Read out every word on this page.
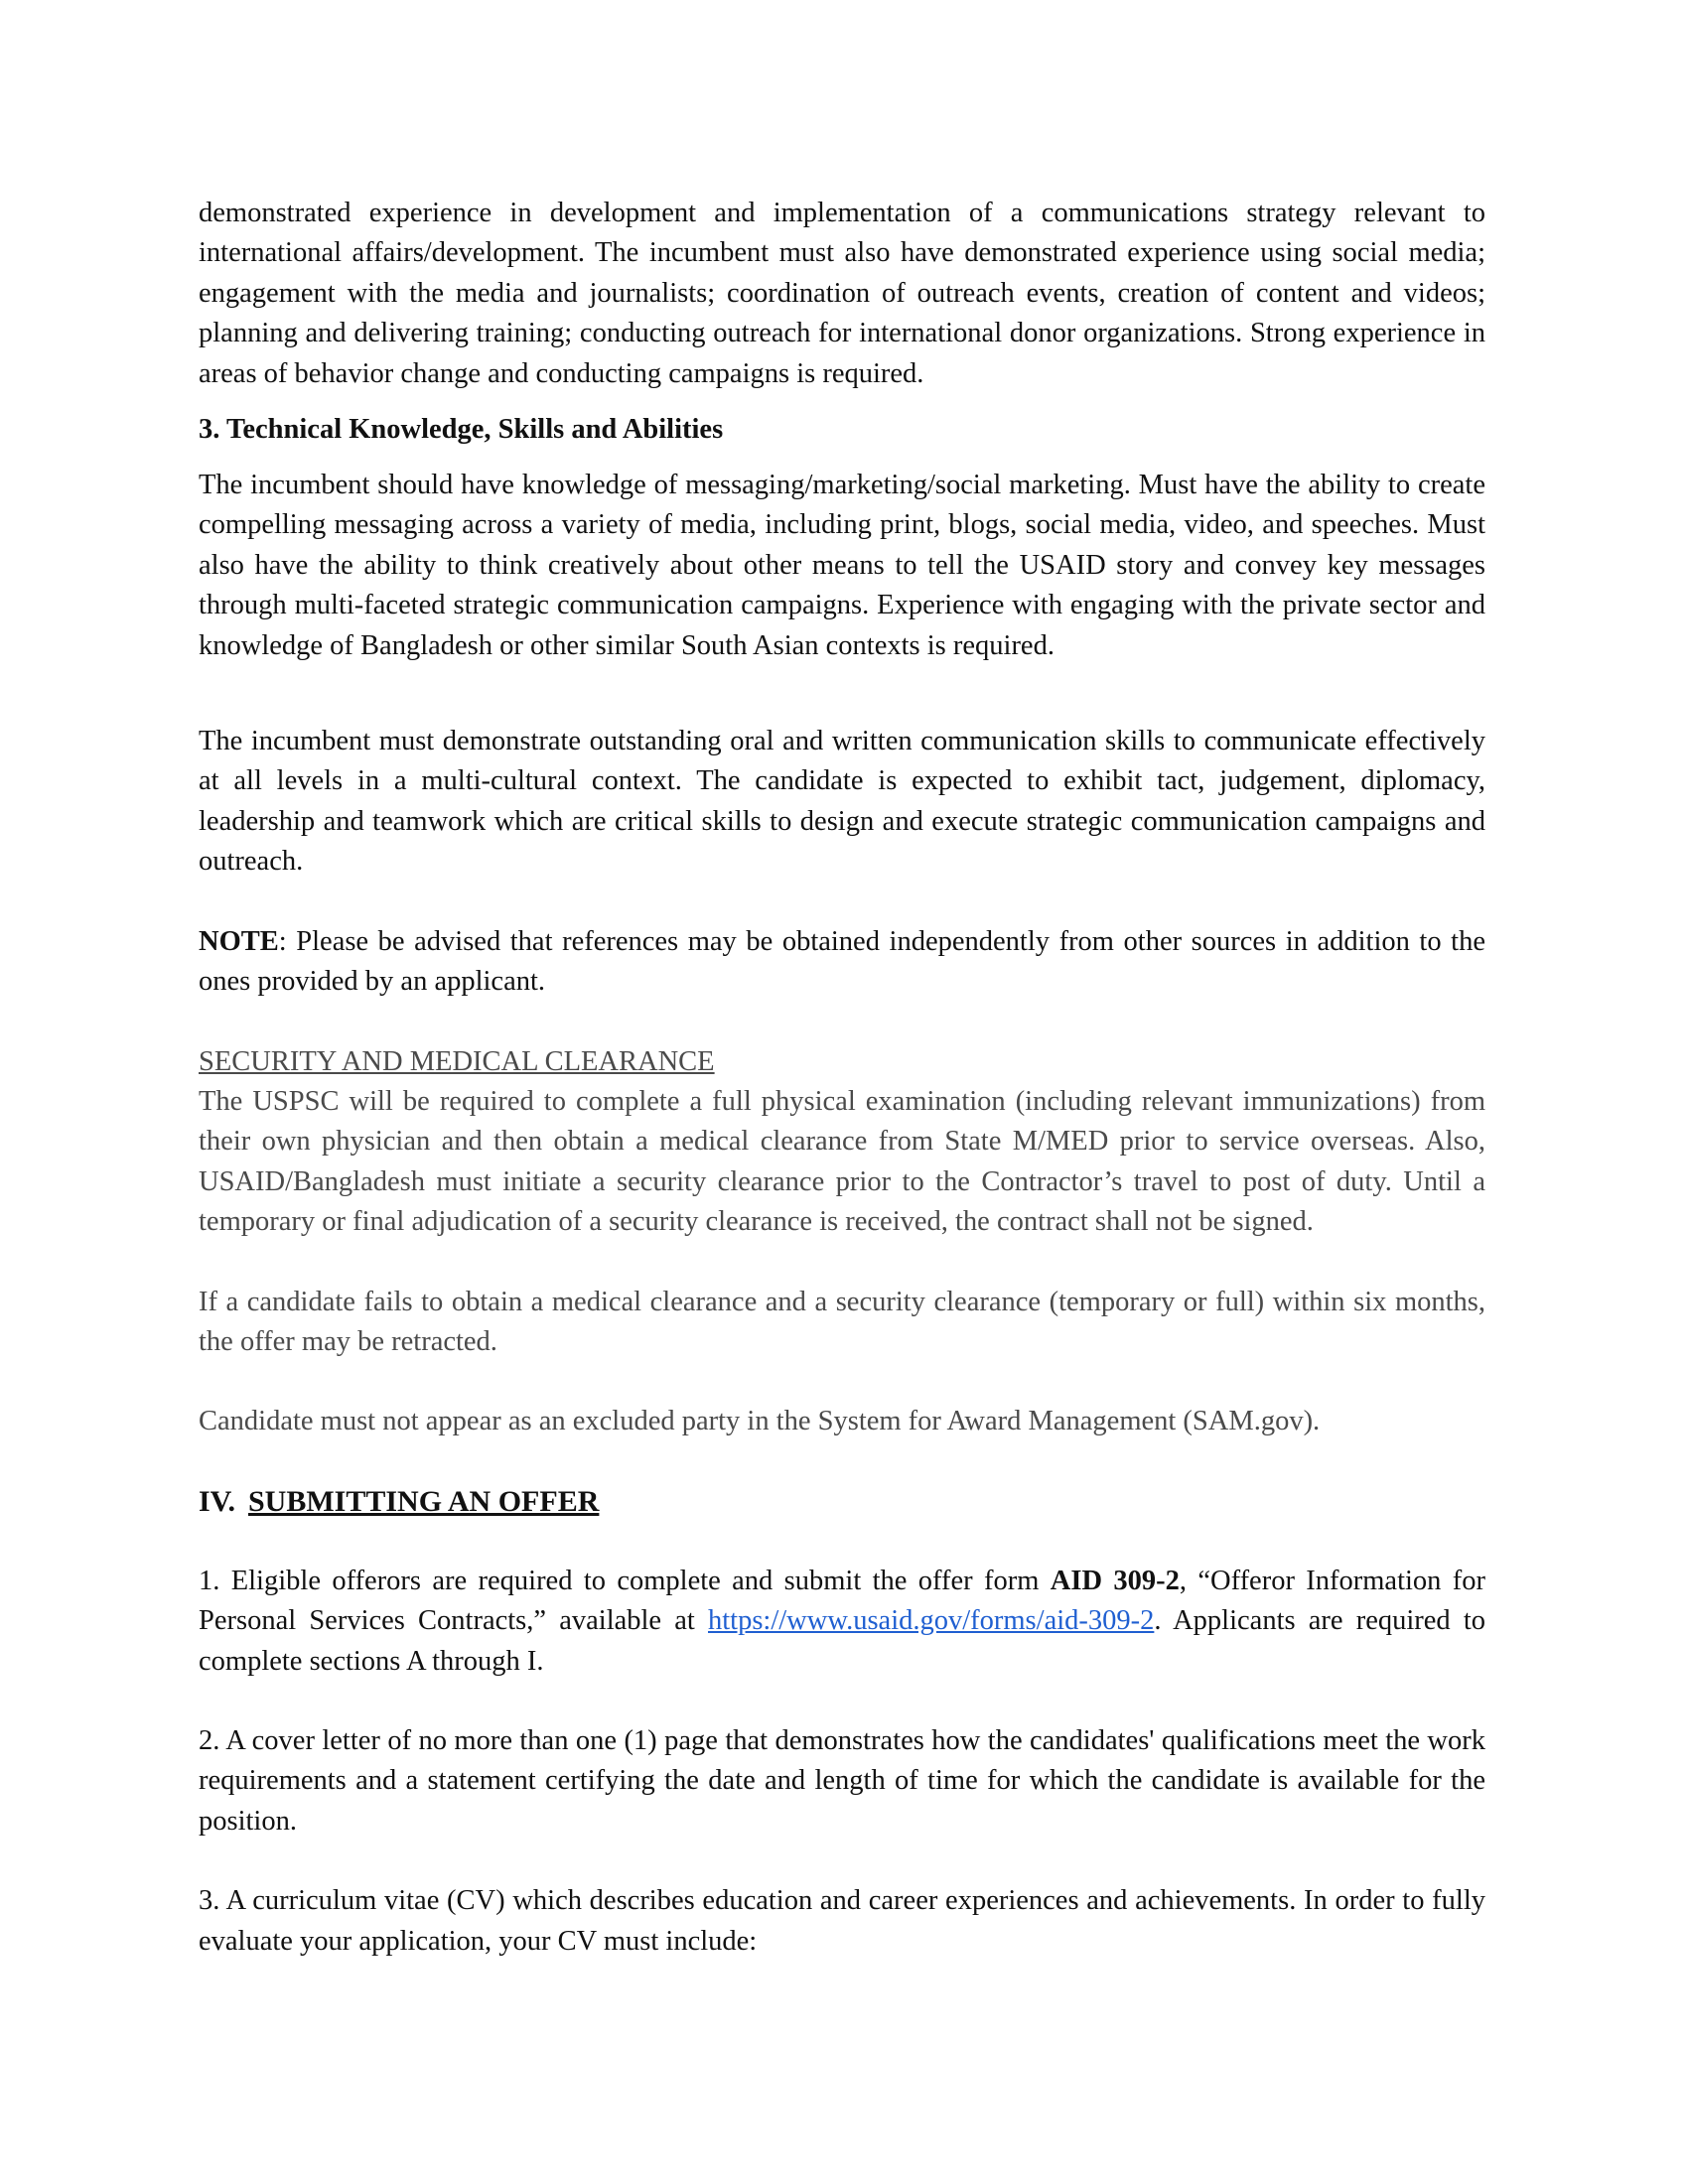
demonstrated experience in development and implementation of a communications strategy relevant to international affairs/development. The incumbent must also have demonstrated experience using social media; engagement with the media and journalists; coordination of outreach events, creation of content and videos; planning and delivering training; conducting outreach for international donor organizations. Strong experience in areas of behavior change and conducting campaigns is required.

3. Technical Knowledge, Skills and Abilities

The incumbent should have knowledge of messaging/marketing/social marketing. Must have the ability to create compelling messaging across a variety of media, including print, blogs, social media, video, and speeches. Must also have the ability to think creatively about other means to tell the USAID story and convey key messages through multi-faceted strategic communication campaigns. Experience with engaging with the private sector and knowledge of Bangladesh or other similar South Asian contexts is required.

The incumbent must demonstrate outstanding oral and written communication skills to communicate effectively at all levels in a multi-cultural context. The candidate is expected to exhibit tact, judgement, diplomacy, leadership and teamwork which are critical skills to design and execute strategic communication campaigns and outreach.

NOTE: Please be advised that references may be obtained independently from other sources in addition to the ones provided by an applicant.

SECURITY AND MEDICAL CLEARANCE

The USPSC will be required to complete a full physical examination (including relevant immunizations) from their own physician and then obtain a medical clearance from State M/MED prior to service overseas. Also, USAID/Bangladesh must initiate a security clearance prior to the Contractor’s travel to post of duty. Until a temporary or final adjudication of a security clearance is received, the contract shall not be signed.

If a candidate fails to obtain a medical clearance and a security clearance (temporary or full) within six months, the offer may be retracted.

Candidate must not appear as an excluded party in the System for Award Management (SAM.gov).

IV. SUBMITTING AN OFFER

1. Eligible offerors are required to complete and submit the offer form AID 309-2, “Offeror Information for Personal Services Contracts,” available at https://www.usaid.gov/forms/aid-309-2. Applicants are required to complete sections A through I.

2. A cover letter of no more than one (1) page that demonstrates how the candidates' qualifications meet the work requirements and a statement certifying the date and length of time for which the candidate is available for the position.

3. A curriculum vitae (CV) which describes education and career experiences and achievements. In order to fully evaluate your application, your CV must include:
